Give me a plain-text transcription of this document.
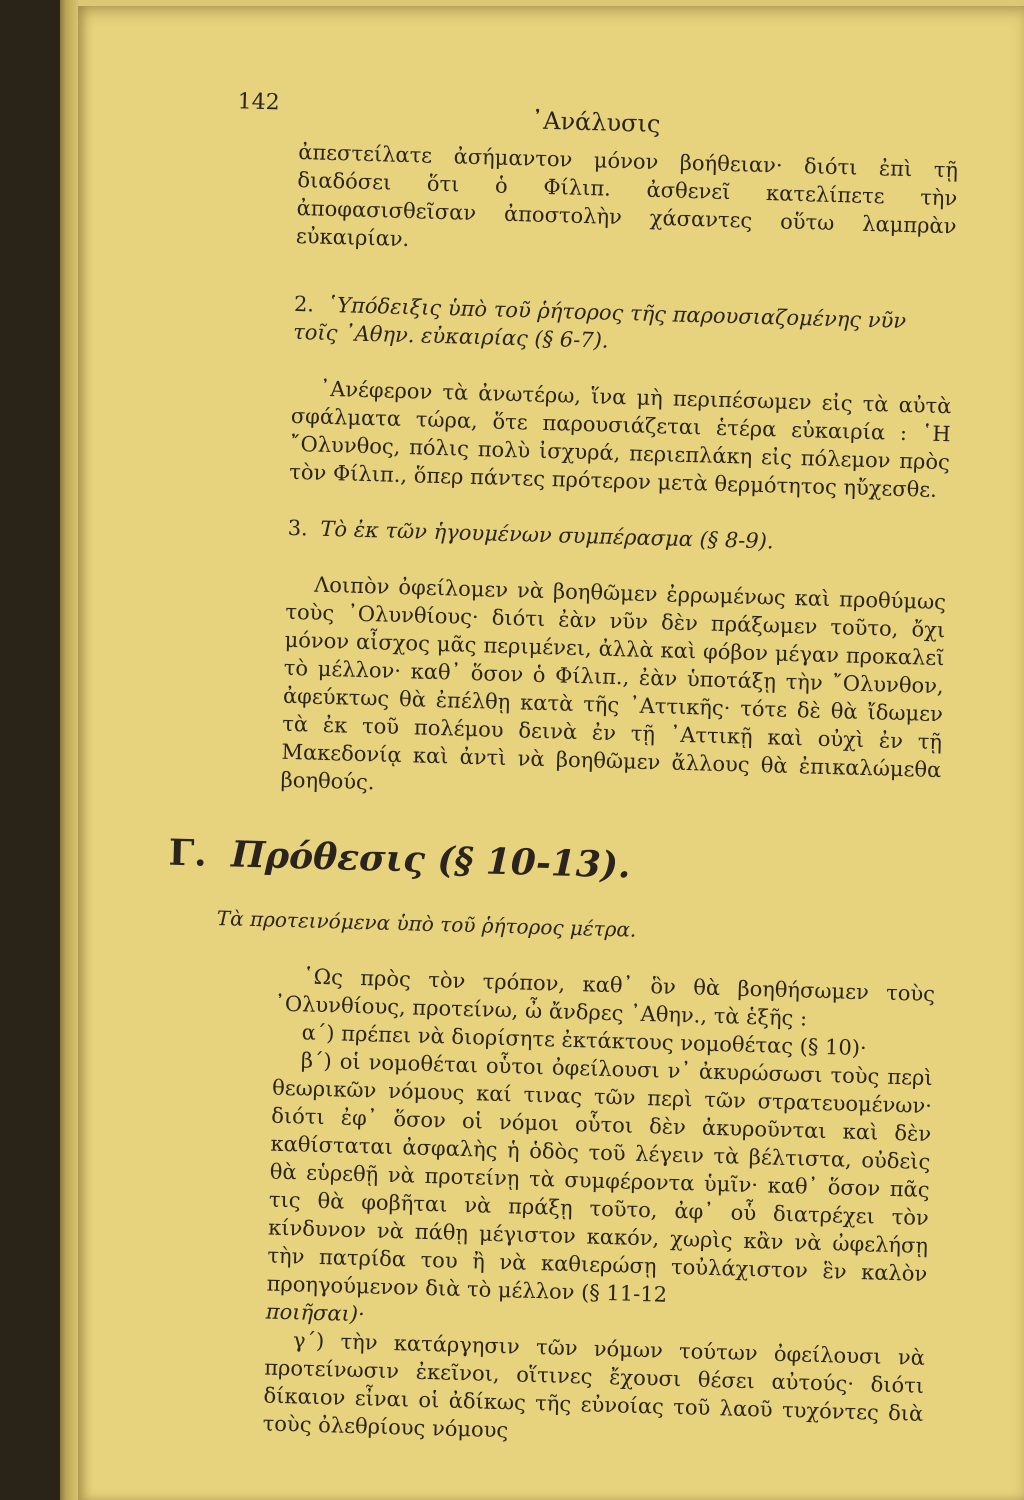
142
᾿Ανάλυσις

ἀπεστείλατε ἀσήμαντον μόνον βοήθειαν· διότι ἐπὶ τῇ διαδόσει ὅτι ὁ Φίλιπ. ἀσθενεῖ κατελίπετε τὴν ἀποφασισθεῖσαν ἀποστολὴν χάσαντες οὕτω λαμπρὰν εὐκαιρίαν.

2. ῾Υπόδειξις ὑπὸ τοῦ ῥήτορος τῆς παρουσιαζομένης νῦν τοῖς ᾿Αθην. εὐκαιρίας (§ 6-7).

᾿Ανέφερον τὰ ἀνωτέρω, ἵνα μὴ περιπέσωμεν εἰς τὰ αὐτὰ σφάλματα τώρα, ὅτε παρουσιάζεται ἑτέρα εὐκαιρία : ῾Η ῎Ολυνθος, πόλις πολὺ ἰσχυρά, περιεπλάκη εἰς πόλεμον πρὸς τὸν Φίλιπ., ὅπερ πάντες πρότερον μετὰ θερμότητος ηὔχεσθε.

3. Τὸ ἐκ τῶν ἡγουμένων συμπέρασμα (§ 8-9).

Λοιπὸν ὀφείλομεν νὰ βοηθῶμεν ἐρρωμένως καὶ προθύμως τοὺς ᾿Ολυνθίους· διότι ἐὰν νῦν δὲν πράξωμεν τοῦτο, ὄχι μόνον αἶσχος μᾶς περιμένει, ἀλλὰ καὶ φόβον μέγαν προκαλεῖ τὸ μέλλον· καθ᾿ ὅσον ὁ Φίλιπ., ἐὰν ὑποτάξῃ τὴν ῎Ολυνθον, ἀφεύκτως θὰ ἐπέλθῃ κατὰ τῆς ᾿Αττικῆς· τότε δὲ θὰ ἴδωμεν τὰ ἐκ τοῦ πολέμου δεινὰ ἐν τῇ ᾿Αττικῇ καὶ οὐχὶ ἐν τῇ Μακεδονίᾳ καὶ ἀντὶ νὰ βοηθῶμεν ἄλλους θὰ ἐπικαλώμεθα βοηθούς.

Γ. Πρόθεσις (§ 10-13).

Τὰ προτεινόμενα ὑπὸ τοῦ ῥήτορος μέτρα.

῾Ως πρὸς τὸν τρόπον, καθ᾿ ὃν θὰ βοηθήσωμεν τοὺς ᾿Ολυνθίους, προτείνω, ὦ ἄνδρες ᾿Αθην., τὰ ἑξῆς :

α΄) πρέπει νὰ διορίσητε ἐκτάκτους νομοθέτας (§ 10)·

β΄) οἱ νομοθέται οὗτοι ὀφείλουσι ν᾿ ἀκυρώσωσι τοὺς περὶ θεωρικῶν νόμους καί τινας τῶν περὶ τῶν στρατευομένων· διότι ἐφ᾿ ὅσον οἱ νόμοι οὗτοι δὲν ἀκυροῦνται καὶ δὲν καθίσταται ἀσφαλὴς ἡ ὁδὸς τοῦ λέγειν τὰ βέλτιστα, οὐδεὶς θὰ εὑρεθῇ νὰ προτείνῃ τὰ συμφέροντα ὑμῖν· καθ᾿ ὅσον πᾶς τις θὰ φοβῆται νὰ πράξῃ τοῦτο, ἀφ᾿ οὗ διατρέχει τὸν κίνδυνον νὰ πάθῃ μέγιστον κακόν, χωρὶς κἂν νὰ ὠφελήσῃ τὴν πατρίδα του ἢ νὰ καθιερώσῃ τοὐλάχιστον ἓν καλὸν προηγούμενον διὰ τὸ μέλλον (§ 11-12

ποιῆσαι)·

γ΄) τὴν κατάργησιν τῶν νόμων τούτων ὀφείλουσι νὰ προτείνωσιν ἐκεῖνοι, οἵτινες ἔχουσι θέσει αὐτούς· διότι δίκαιον εἶναι οἱ ἀδίκως τῆς εὐνοίας τοῦ λαοῦ τυχόντες διὰ τοὺς ὀλεθρίους νόμους
